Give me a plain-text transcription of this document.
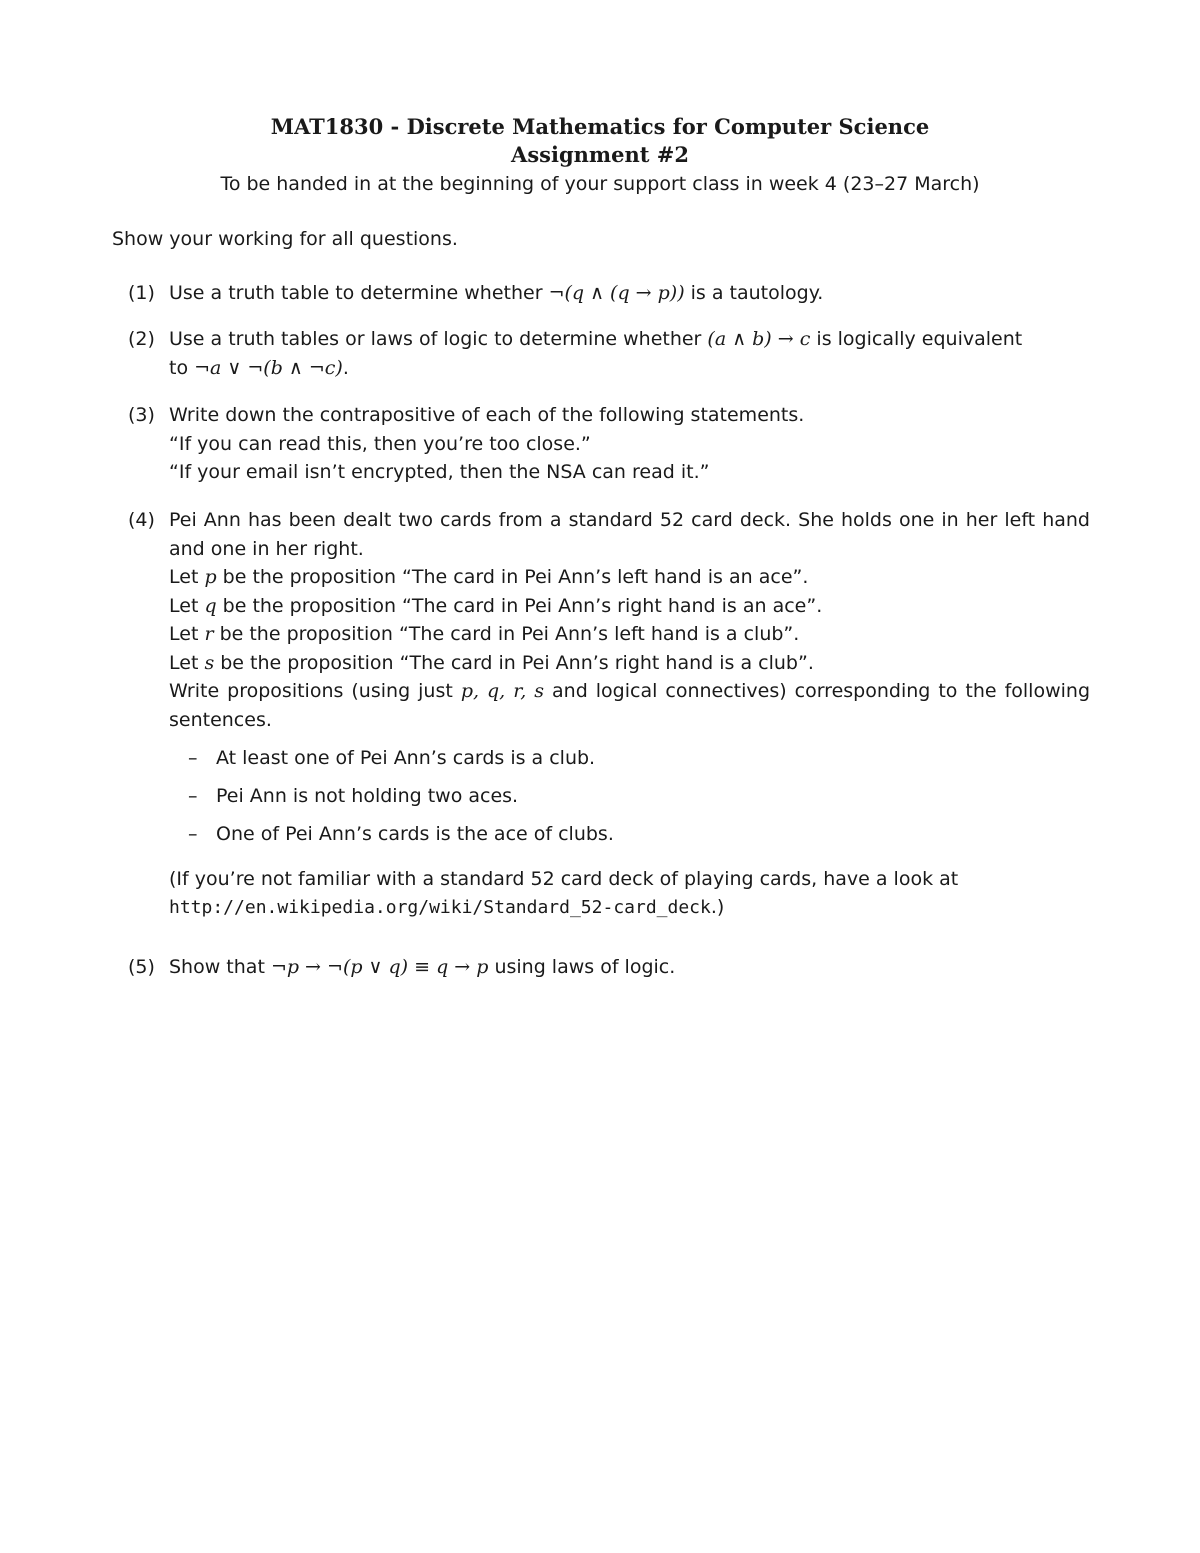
MAT1830 - Discrete Mathematics for Computer Science
Assignment #2
To be handed in at the beginning of your support class in week 4 (23–27 March)
Show your working for all questions.
(1) Use a truth table to determine whether ¬(q ∧ (q → p)) is a tautology.
(2) Use a truth tables or laws of logic to determine whether (a ∧ b) → c is logically equivalent
to ¬a ∨ ¬(b ∧ ¬c).
(3) Write down the contrapositive of each of the following statements.
“If you can read this, then you’re too close.”
“If your email isn’t encrypted, then the NSA can read it.”
(4) Pei Ann has been dealt two cards from a standard 52 card deck. She holds one in her left hand and one in her right.
Let p be the proposition “The card in Pei Ann’s left hand is an ace”.
Let q be the proposition “The card in Pei Ann’s right hand is an ace”.
Let r be the proposition “The card in Pei Ann’s left hand is a club”.
Let s be the proposition “The card in Pei Ann’s right hand is a club”.
Write propositions (using just p, q, r, s and logical connectives) corresponding to the following sentences.
– At least one of Pei Ann’s cards is a club.
– Pei Ann is not holding two aces.
– One of Pei Ann’s cards is the ace of clubs.
(If you’re not familiar with a standard 52 card deck of playing cards, have a look at
http://en.wikipedia.org/wiki/Standard_52-card_deck.)
(5) Show that ¬p → ¬(p ∨ q) ≡ q → p using laws of logic.
